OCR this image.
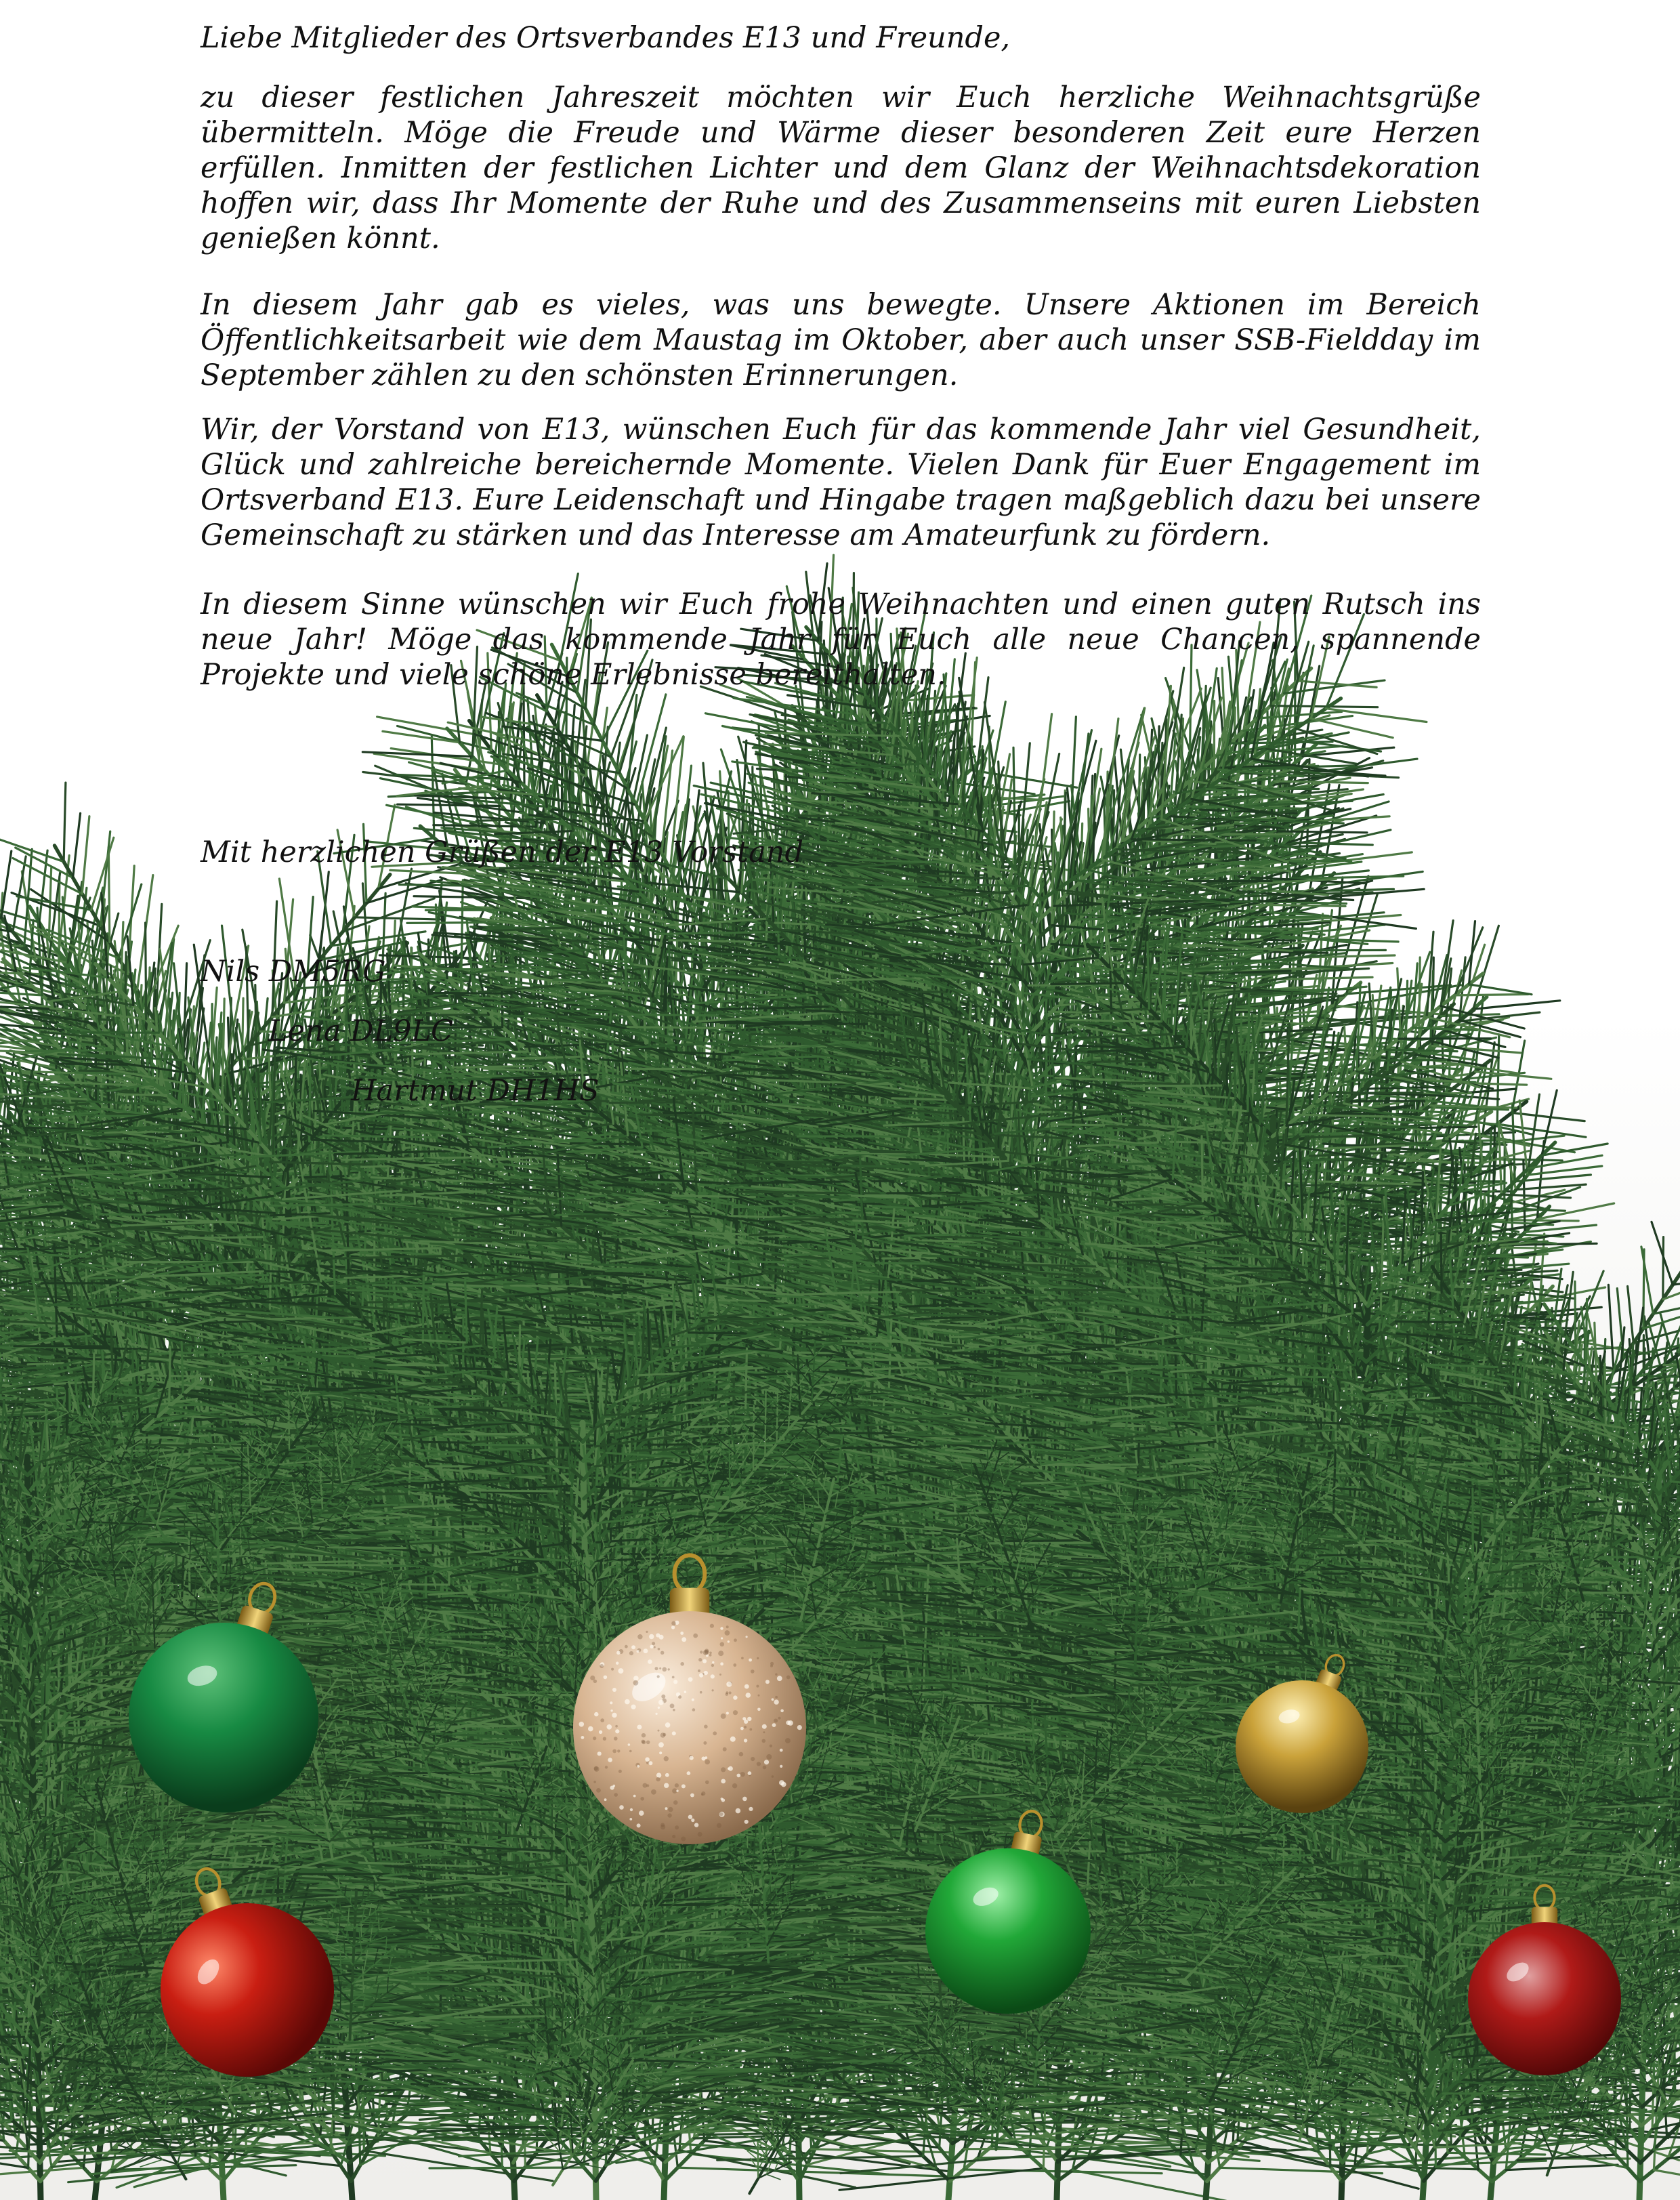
Liebe Mitglieder des Ortsverbandes E13 und Freunde,

zu dieser festlichen Jahreszeit möchten wir Euch herzliche Weihnachtsgrüße übermitteln. Möge die Freude und Wärme dieser besonderen Zeit eure Herzen erfüllen. Inmitten der festlichen Lichter und dem Glanz der Weihnachtsdekoration hoffen wir, dass Ihr Momente der Ruhe und des Zusammenseins mit euren Liebsten genießen könnt.

In diesem Jahr gab es vieles, was uns bewegte. Unsere Aktionen im Bereich Öffentlichkeitsarbeit wie dem Maustag im Oktober, aber auch unser SSB-Fieldday im September zählen zu den schönsten Erinnerungen.

Wir, der Vorstand von E13, wünschen Euch für das kommende Jahr viel Gesundheit, Glück und zahlreiche bereichernde Momente. Vielen Dank für Euer Engagement im Ortsverband E13. Eure Leidenschaft und Hingabe tragen maßgeblich dazu bei unsere Gemeinschaft zu stärken und das Interesse am Amateurfunk zu fördern.

In diesem Sinne wünschen wir Euch frohe Weihnachten und einen guten Rutsch ins neue Jahr! Möge das kommende Jahr für Euch alle neue Chancen, spannende Projekte und viele schöne Erlebnisse bereithalten.

Mit herzlichen Grüßen der E13 Vorstand

Nils DM5RG

Lena DL9LC

Hartmut DH1HS
